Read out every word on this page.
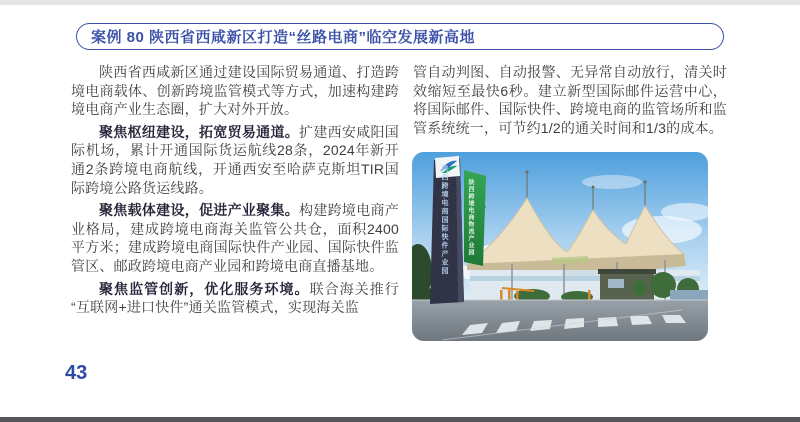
案例 80 陕西省西咸新区打造“丝路电商”临空发展新高地

陕西省西咸新区通过建设国际贸易通道、打造跨境电商载体、创新跨境监管模式等方式，加速构建跨境电商产业生态圈，扩大对外开放。

聚焦枢纽建设，拓宽贸易通道。扩建西安咸阳国际机场，累计开通国际货运航线28条，2024年新开通2条跨境电商航线，开通西安至哈萨克斯坦TIR国际跨境公路货运线路。

聚焦载体建设，促进产业聚集。构建跨境电商产业格局，建成跨境电商海关监管公共仓，面积2400平方米；建成跨境电商国际快件产业园、国际快件监管区、邮政跨境电商产业园和跨境电商直播基地。

聚焦监管创新，优化服务环境。联合海关推行“互联网+进口快件”通关监管模式，实现海关监

管自动判图、自动报警、无异常自动放行，清关时效缩短至最快6秒。建立新型国际邮件运营中心，将国际邮件、国际快件、跨境电商的监管场所和监管系统统一，可节约1/2的通关时间和1/3的成本。

陕西跨境电商国际快件产业园	陕西跨境电商物流产业园
43
